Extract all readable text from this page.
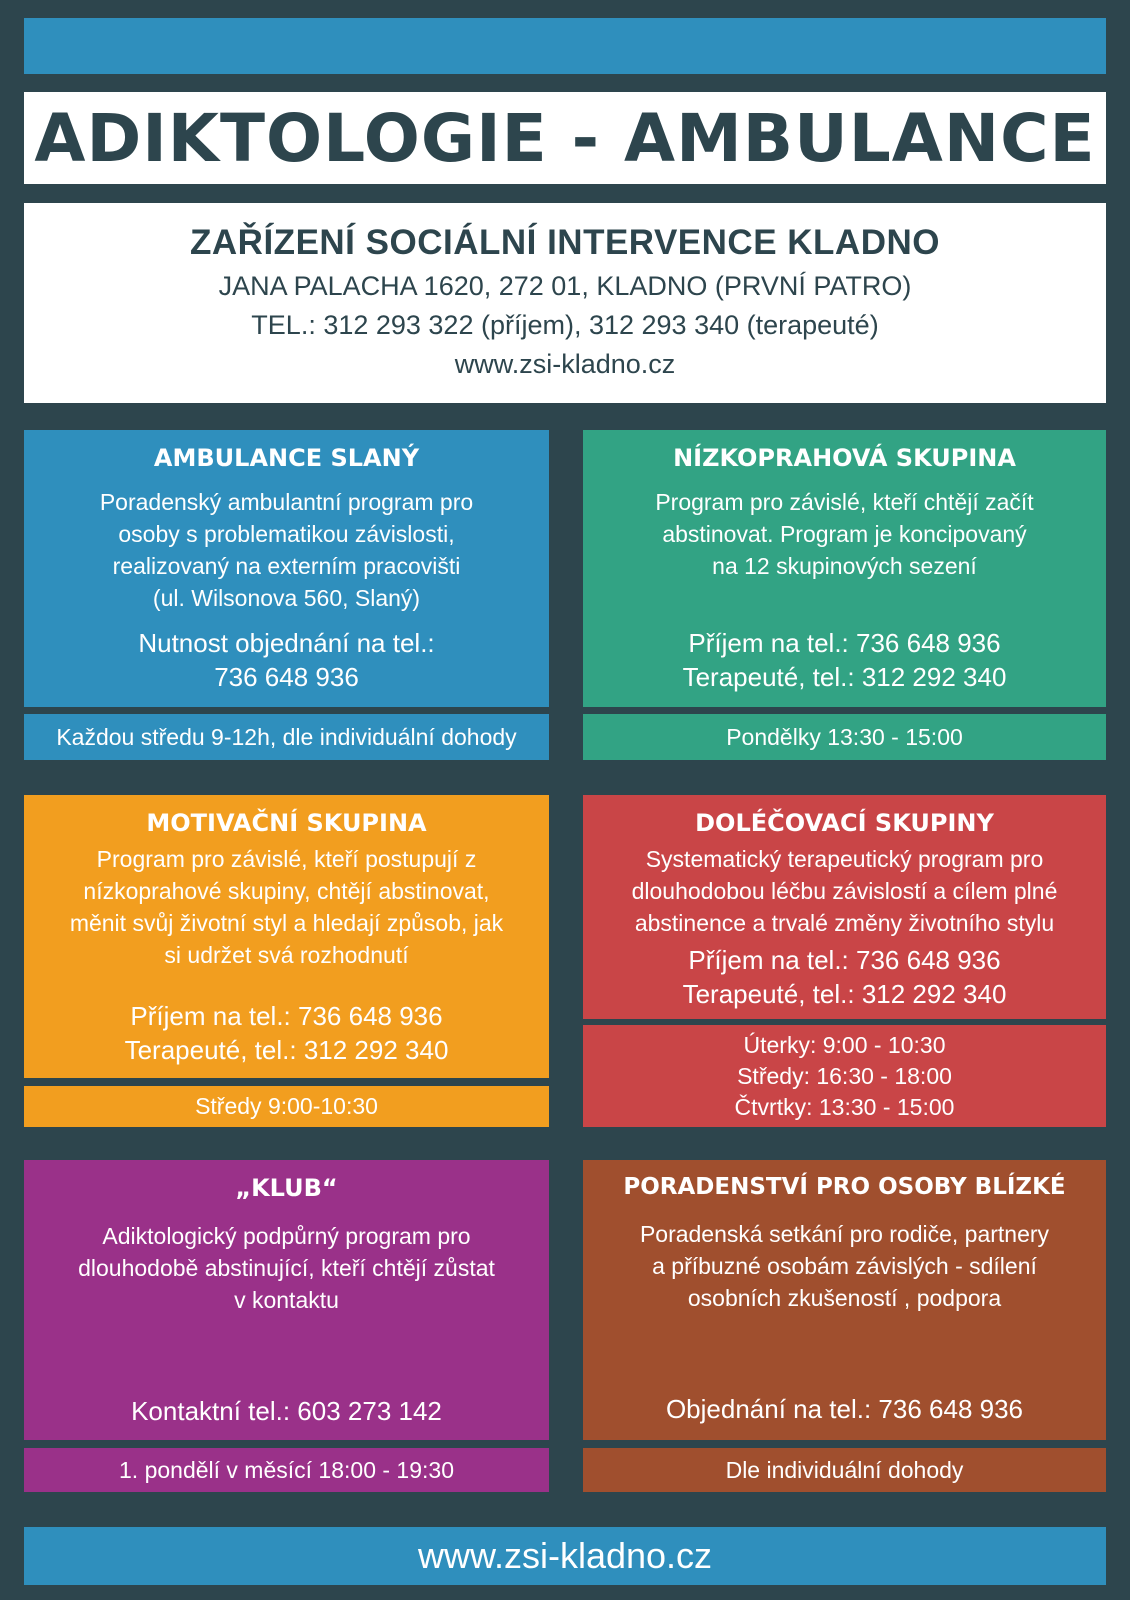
ADIKTOLOGIE - AMBULANCE
ZAŘÍZENÍ SOCIÁLNÍ INTERVENCE KLADNO
JANA PALACHA 1620, 272 01, KLADNO (PRVNÍ PATRO)
TEL.: 312 293 322 (příjem), 312 293 340 (terapeuté)
www.zsi-kladno.cz
AMBULANCE SLANÝ
Poradenský ambulantní program pro
osoby s problematikou závislosti,
realizovaný na externím pracovišti
(ul. Wilsonova 560, Slaný)
Nutnost objednání na tel.:
736 648 936
Každou středu 9-12h, dle individuální dohody
NÍZKOPRAHOVÁ SKUPINA
Program pro závislé, kteří chtějí začít
abstinovat. Program je koncipovaný
na 12 skupinových sezení
Příjem na tel.: 736 648 936
Terapeuté, tel.: 312 292 340
Pondělky 13:30 - 15:00
MOTIVAČNÍ SKUPINA
Program pro závislé, kteří postupují z
nízkoprahové skupiny, chtějí abstinovat,
měnit svůj životní styl a hledají způsob, jak
si udržet svá rozhodnutí
Příjem na tel.: 736 648 936
Terapeuté, tel.: 312 292 340
Středy 9:00-10:30
DOLÉČOVACÍ SKUPINY
Systematický terapeutický program pro
dlouhodobou léčbu závislostí a cílem plné
abstinence a trvalé změny životního stylu
Příjem na tel.: 736 648 936
Terapeuté, tel.: 312 292 340
Úterky: 9:00 - 10:30
Středy: 16:30 - 18:00
Čtvrtky: 13:30 - 15:00
„KLUB“
Adiktologický podpůrný program pro
dlouhodobě abstinující, kteří chtějí zůstat
v kontaktu
Kontaktní tel.: 603 273 142
1. pondělí v měsící 18:00 - 19:30
PORADENSTVÍ PRO OSOBY BLÍZKÉ
Poradenská setkání pro rodiče, partnery
a příbuzné osobám závislých - sdílení
osobních zkušeností , podpora
Objednání na tel.: 736 648 936
Dle individuální dohody
www.zsi-kladno.cz
